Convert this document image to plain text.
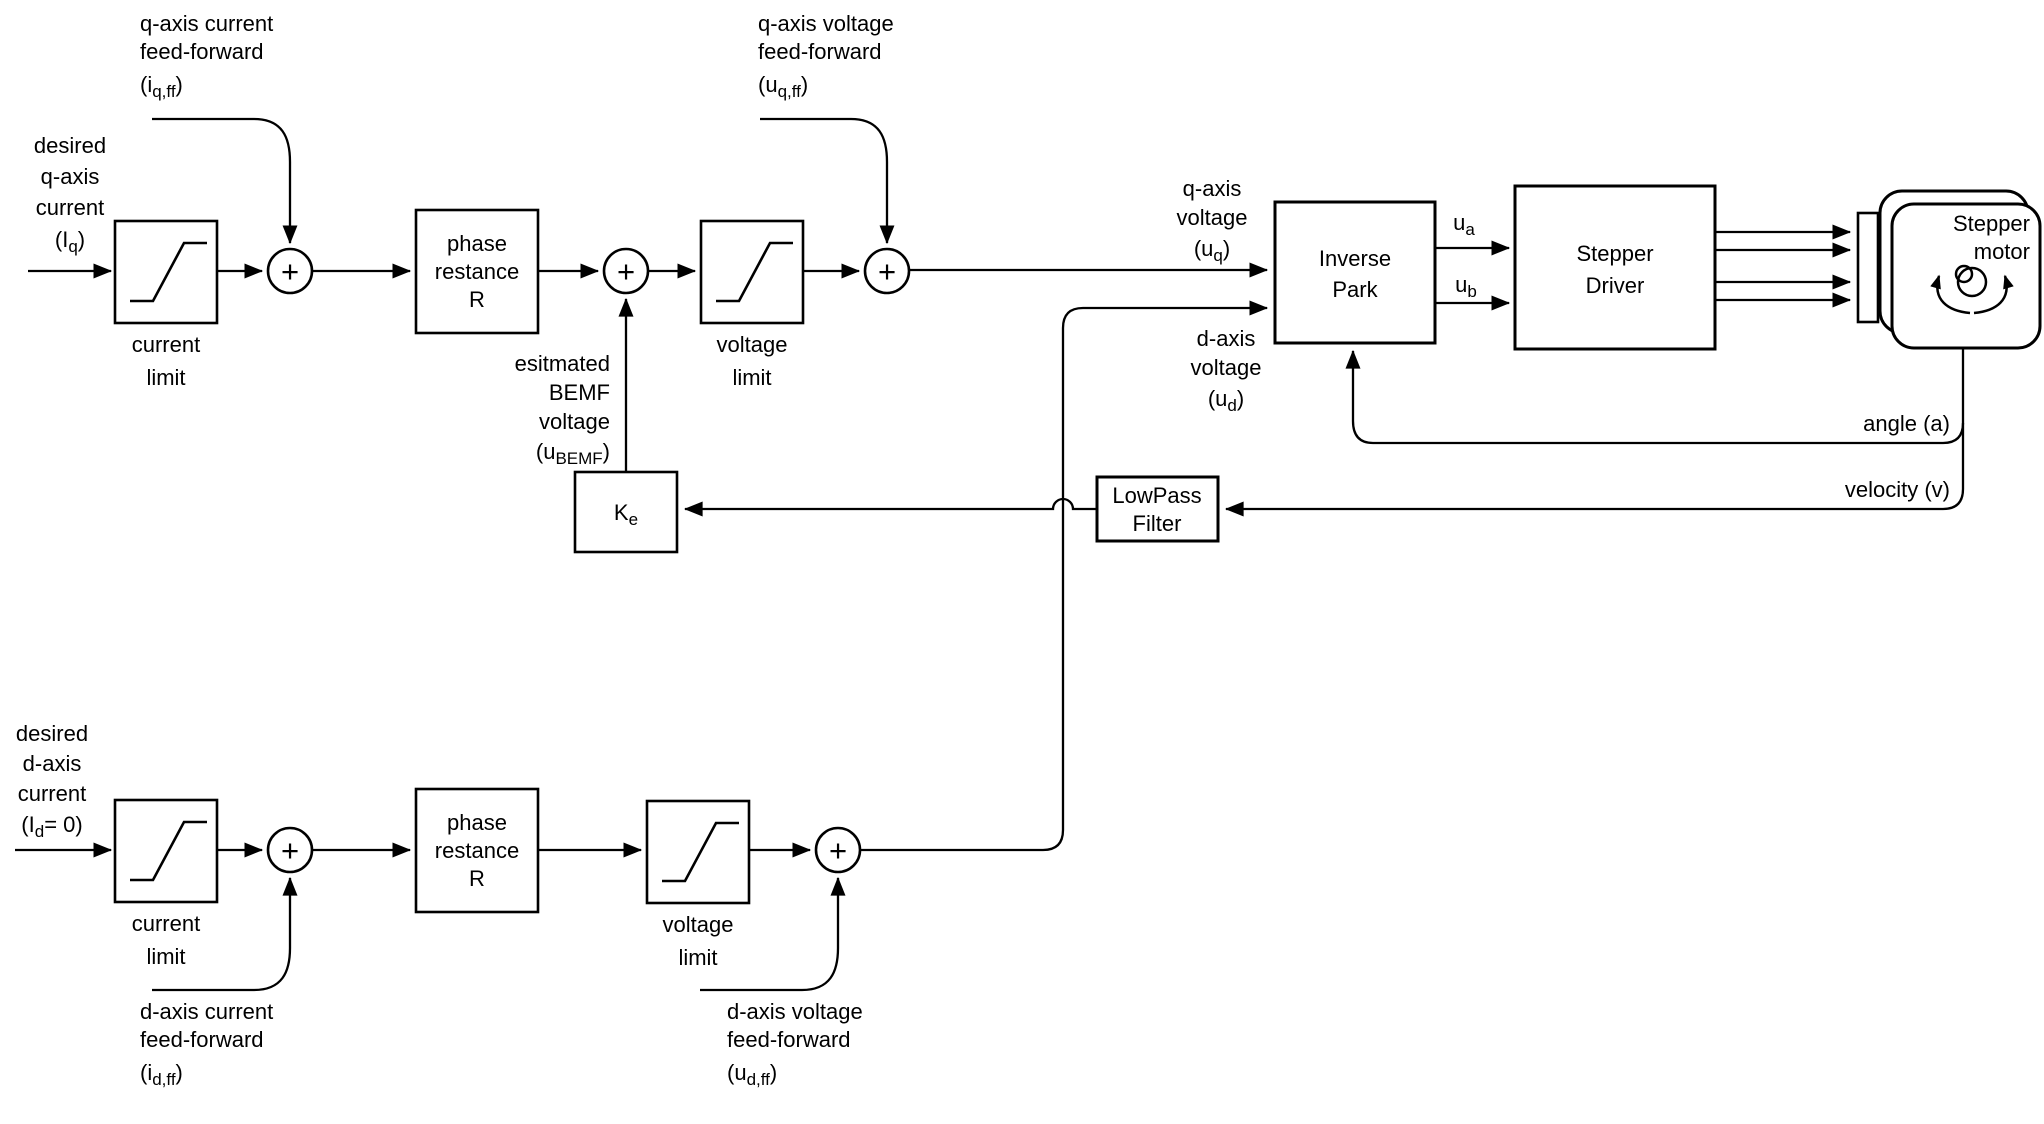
desired
q-axis
current
$(I_q)$
current
limit
+
q-axis current
feed-forward
$(i_{q,ff})$
phase
restance
R
+
voltage
limit
+
q-axis voltage
feed-forward
$(u_{q,ff})$
q-axis
voltage
$(u_q)$
esitmated
BEMF
voltage
$(u_{BEMF})$
desired
d-axis
current
$(I_d= 0)$
current
limit
+
d-axis current
feed-forward
$(i_{d,ff})$
phase
restance
R
voltage
limit
+
d-axis voltage
feed-forward
$(u_{d,ff})$
d-axis
voltage
$(u_d)$
angle (a)
velocity (v)
LowPass
Filter
$K_e$
Inverse
Park
$u_a$
$u_b$
Stepper
Driver
Stepper
motor
